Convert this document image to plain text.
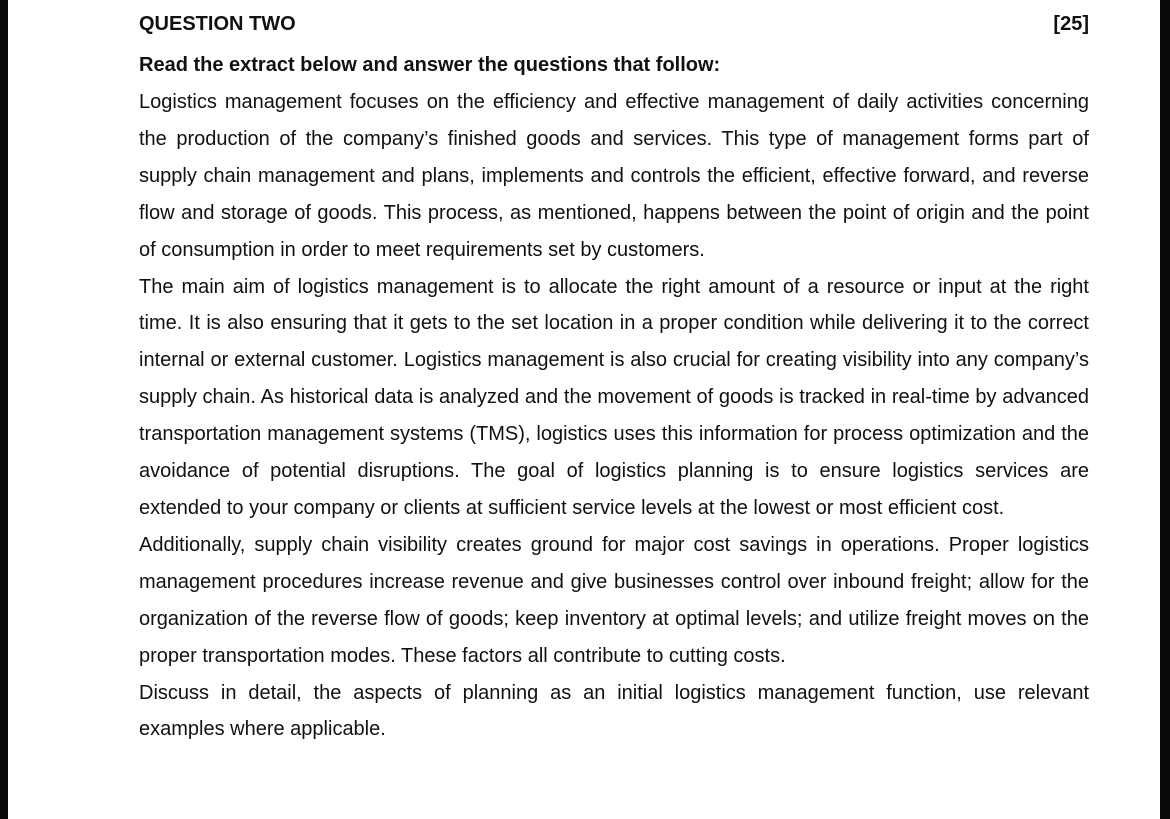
QUESTION TWO	[25]
Read the extract below and answer the questions that follow:

Logistics management focuses on the efficiency and effective management of daily activities concerning the production of the company’s finished goods and services. This type of management forms part of supply chain management and plans, implements and controls the efficient, effective forward, and reverse flow and storage of goods. This process, as mentioned, happens between the point of origin and the point of consumption in order to meet requirements set by customers.

The main aim of logistics management is to allocate the right amount of a resource or input at the right time. It is also ensuring that it gets to the set location in a proper condition while delivering it to the correct internal or external customer. Logistics management is also crucial for creating visibility into any company’s supply chain. As historical data is analyzed and the movement of goods is tracked in real-time by advanced transportation management systems (TMS), logistics uses this information for process optimization and the avoidance of potential disruptions. The goal of logistics planning is to ensure logistics services are extended to your company or clients at sufficient service levels at the lowest or most efficient cost.

Additionally, supply chain visibility creates ground for major cost savings in operations. Proper logistics management procedures increase revenue and give businesses control over inbound freight; allow for the organization of the reverse flow of goods; keep inventory at optimal levels; and utilize freight moves on the proper transportation modes. These factors all contribute to cutting costs.

Discuss in detail, the aspects of planning as an initial logistics management function, use relevant examples where applicable.
